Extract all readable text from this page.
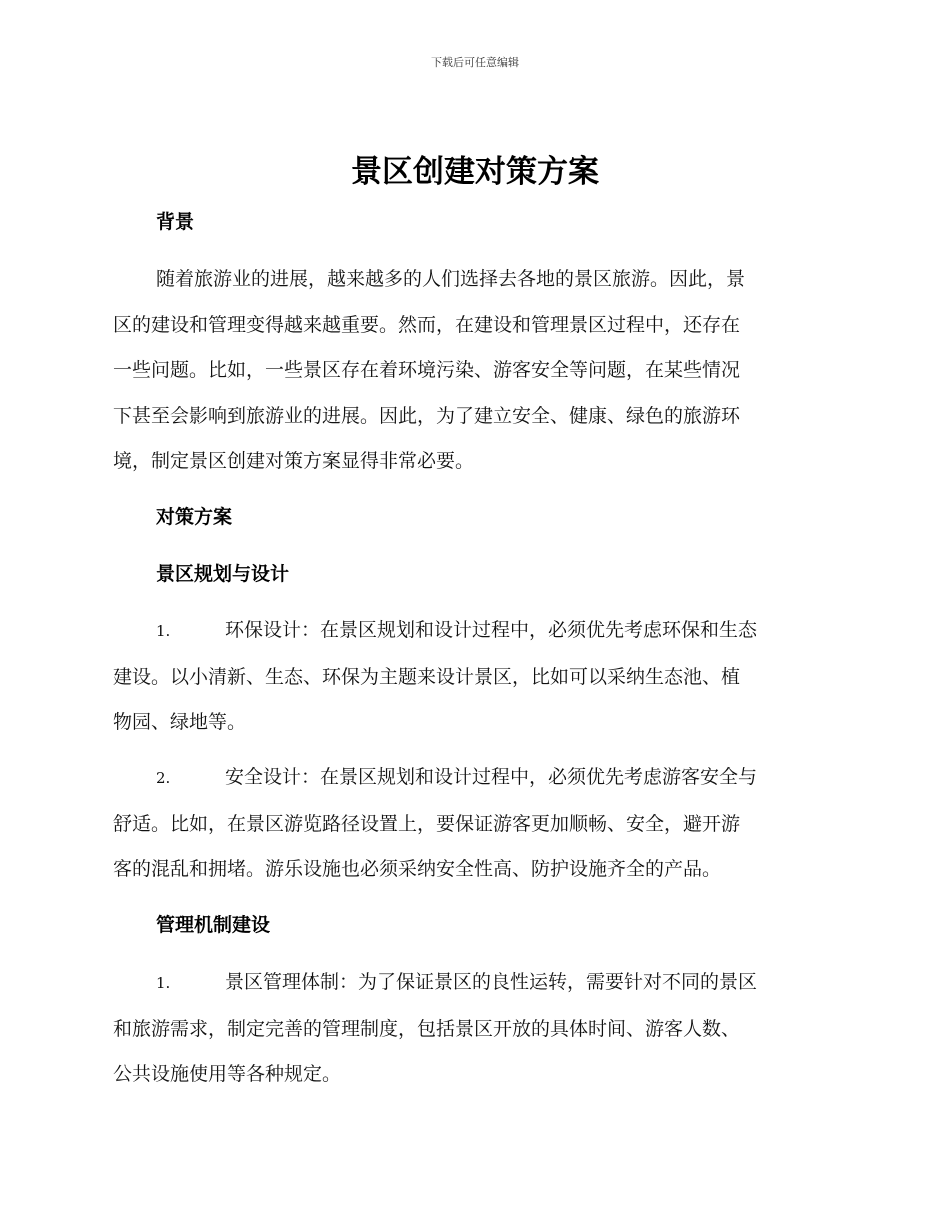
下载后可任意编辑
景区创建对策方案
背景
随着旅游业的进展，越来越多的人们选择去各地的景区旅游。因此，景
区的建设和管理变得越来越重要。然而，在建设和管理景区过程中，还存在
一些问题。比如，一些景区存在着环境污染、游客安全等问题，在某些情况
下甚至会影响到旅游业的进展。因此，为了建立安全、健康、绿色的旅游环
境，制定景区创建对策方案显得非常必要。
对策方案
景区规划与设计
1.	环保设计：在景区规划和设计过程中，必须优先考虑环保和生态
建设。以小清新、生态、环保为主题来设计景区，比如可以采纳生态池、植
物园、绿地等。
2.	安全设计：在景区规划和设计过程中，必须优先考虑游客安全与
舒适。比如，在景区游览路径设置上，要保证游客更加顺畅、安全，避开游
客的混乱和拥堵。游乐设施也必须采纳安全性高、防护设施齐全的产品。
管理机制建设
1.	景区管理体制：为了保证景区的良性运转，需要针对不同的景区
和旅游需求，制定完善的管理制度，包括景区开放的具体时间、游客人数、
公共设施使用等各种规定。
